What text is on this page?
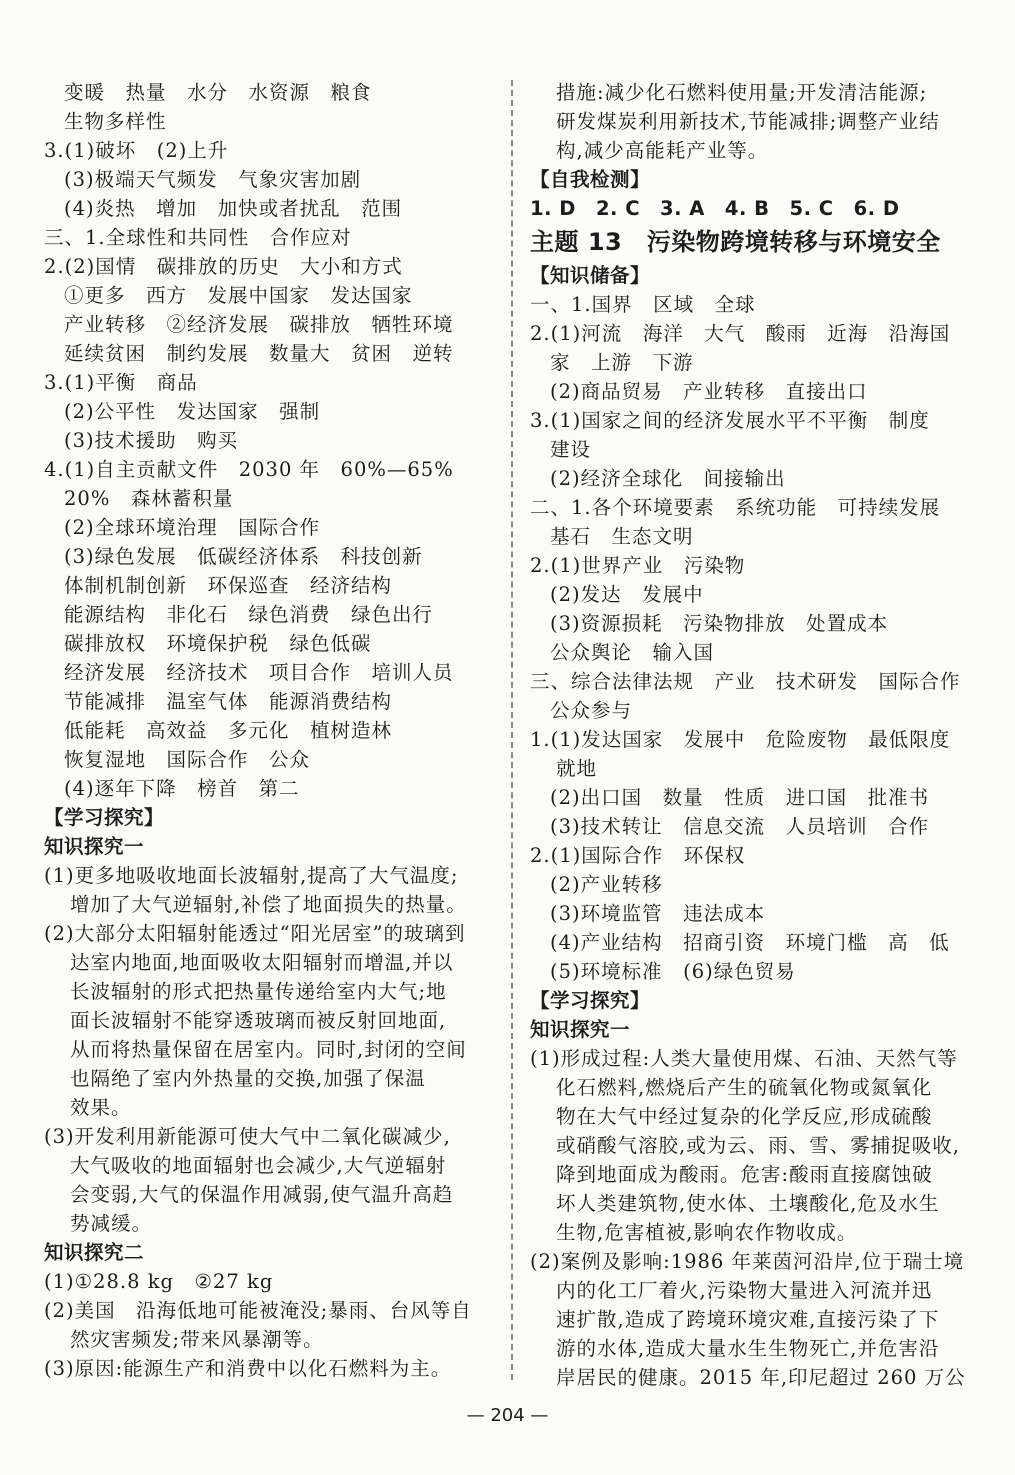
变暖　热量　水分　水资源　粮食
生物多样性
3.(1)破坏　(2)上升
(3)极端天气频发　气象灾害加剧
(4)炎热　增加　加快或者扰乱　范围
三、1.全球性和共同性　合作应对
2.(2)国情　碳排放的历史　大小和方式
①更多　西方　发展中国家　发达国家
产业转移　②经济发展　碳排放　牺牲环境
延续贫困　制约发展　数量大　贫困　逆转
3.(1)平衡　商品
(2)公平性　发达国家　强制
(3)技术援助　购买
4.(1)自主贡献文件　2030 年　60%—65%
20%　森林蓄积量
(2)全球环境治理　国际合作
(3)绿色发展　低碳经济体系　科技创新
体制机制创新　环保巡查　经济结构
能源结构　非化石　绿色消费　绿色出行
碳排放权　环境保护税　绿色低碳
经济发展　经济技术　项目合作　培训人员
节能减排　温室气体　能源消费结构
低能耗　高效益　多元化　植树造林
恢复湿地　国际合作　公众
(4)逐年下降　榜首　第二
【学习探究】
知识探究一
(1)更多地吸收地面长波辐射,提高了大气温度;
增加了大气逆辐射,补偿了地面损失的热量。
(2)大部分太阳辐射能透过“阳光居室”的玻璃到
达室内地面,地面吸收太阳辐射而增温,并以
长波辐射的形式把热量传递给室内大气;地
面长波辐射不能穿透玻璃而被反射回地面,
从而将热量保留在居室内。同时,封闭的空间
也隔绝了室内外热量的交换,加强了保温
效果。
(3)开发利用新能源可使大气中二氧化碳减少,
大气吸收的地面辐射也会减少,大气逆辐射
会变弱,大气的保温作用减弱,使气温升高趋
势减缓。
知识探究二
(1)①28.8 kg　②27 kg
(2)美国　沿海低地可能被淹没;暴雨、台风等自
然灾害频发;带来风暴潮等。
(3)原因:能源生产和消费中以化石燃料为主。
措施:减少化石燃料使用量;开发清洁能源;
研发煤炭利用新技术,节能减排;调整产业结
构,减少高能耗产业等。
【自我检测】
1. D　2. C　3. A　4. B　5. C　6. D
主题 13　污染物跨境转移与环境安全
【知识储备】
一、1.国界　区域　全球
2.(1)河流　海洋　大气　酸雨　近海　沿海国
家　上游　下游
(2)商品贸易　产业转移　直接出口
3.(1)国家之间的经济发展水平不平衡　制度
建设
(2)经济全球化　间接输出
二、1.各个环境要素　系统功能　可持续发展
基石　生态文明
2.(1)世界产业　污染物
(2)发达　发展中
(3)资源损耗　污染物排放　处置成本
公众舆论　输入国
三、综合法律法规　产业　技术研发　国际合作
公众参与
1.(1)发达国家　发展中　危险废物　最低限度
就地
(2)出口国　数量　性质　进口国　批准书
(3)技术转让　信息交流　人员培训　合作
2.(1)国际合作　环保权
(2)产业转移
(3)环境监管　违法成本
(4)产业结构　招商引资　环境门槛　高　低
(5)环境标准　(6)绿色贸易
【学习探究】
知识探究一
(1)形成过程:人类大量使用煤、石油、天然气等
化石燃料,燃烧后产生的硫氧化物或氮氧化
物在大气中经过复杂的化学反应,形成硫酸
或硝酸气溶胶,或为云、雨、雪、雾捕捉吸收,
降到地面成为酸雨。危害:酸雨直接腐蚀破
坏人类建筑物,使水体、土壤酸化,危及水生
生物,危害植被,影响农作物收成。
(2)案例及影响:1986 年莱茵河沿岸,位于瑞士境
内的化工厂着火,污染物大量进入河流并迅
速扩散,造成了跨境环境灾难,直接污染了下
游的水体,造成大量水生生物死亡,并危害沿
岸居民的健康。2015 年,印尼超过 260 万公
— 204 —
